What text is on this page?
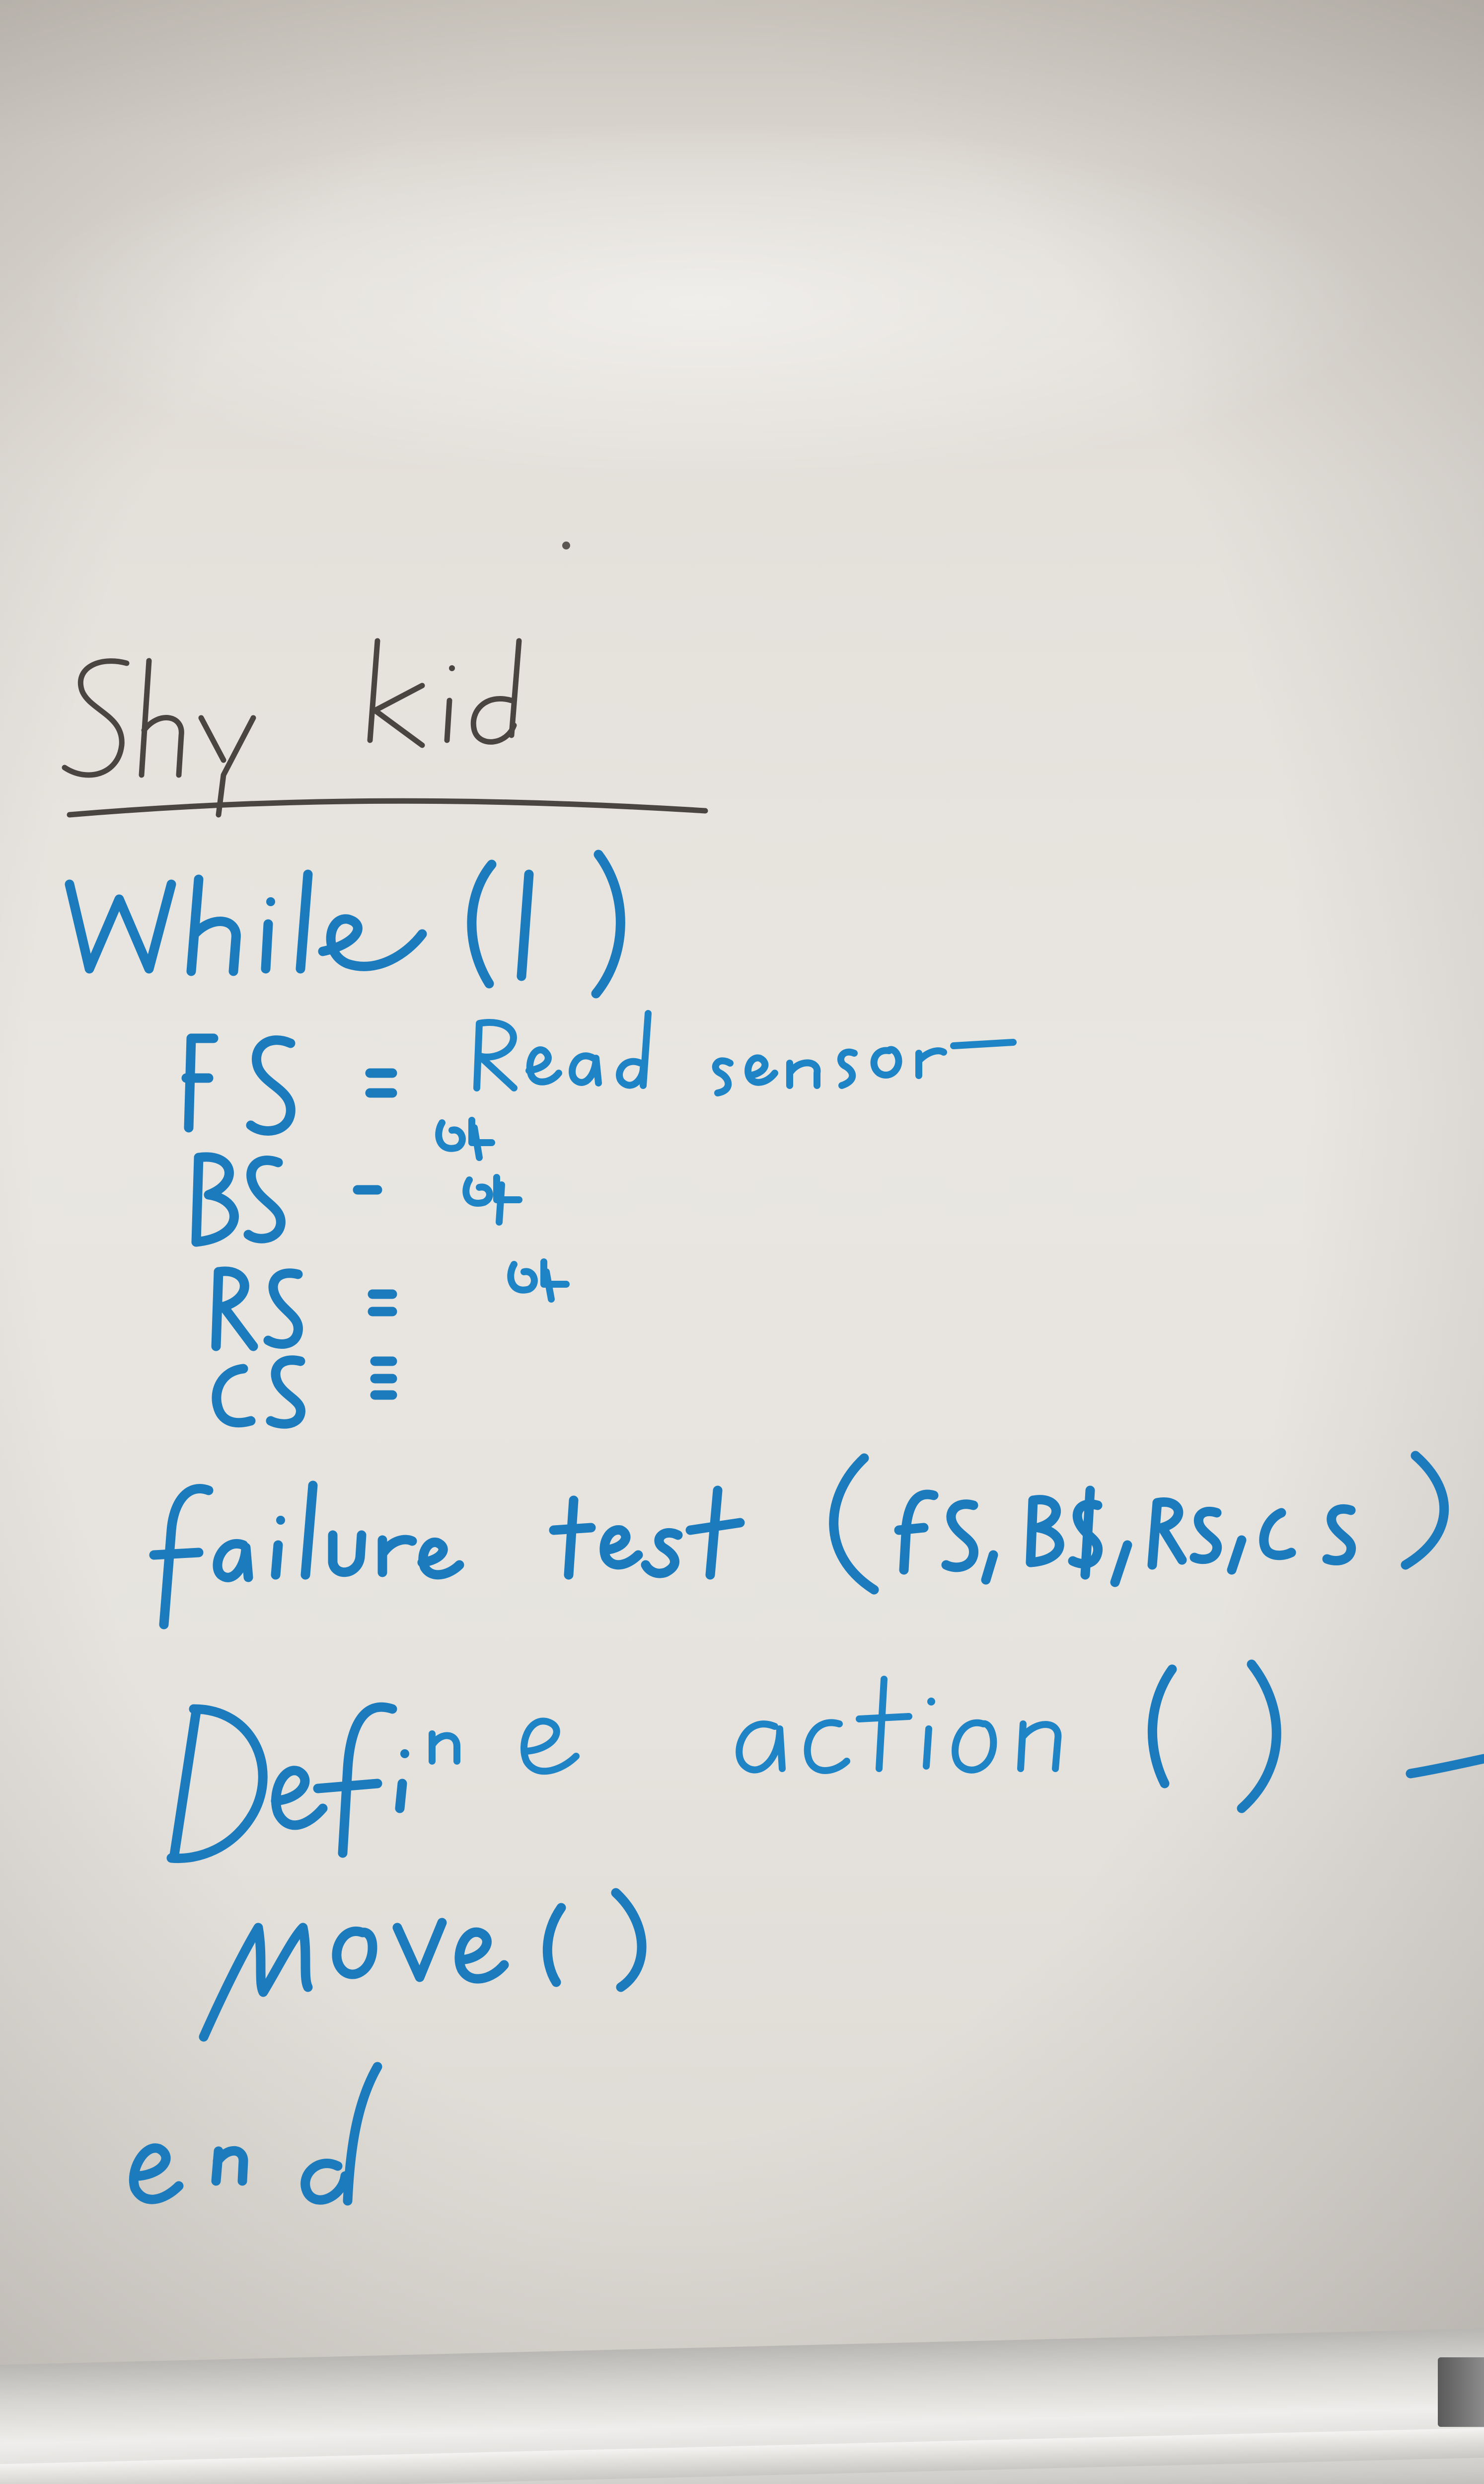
FS = Read sensor
